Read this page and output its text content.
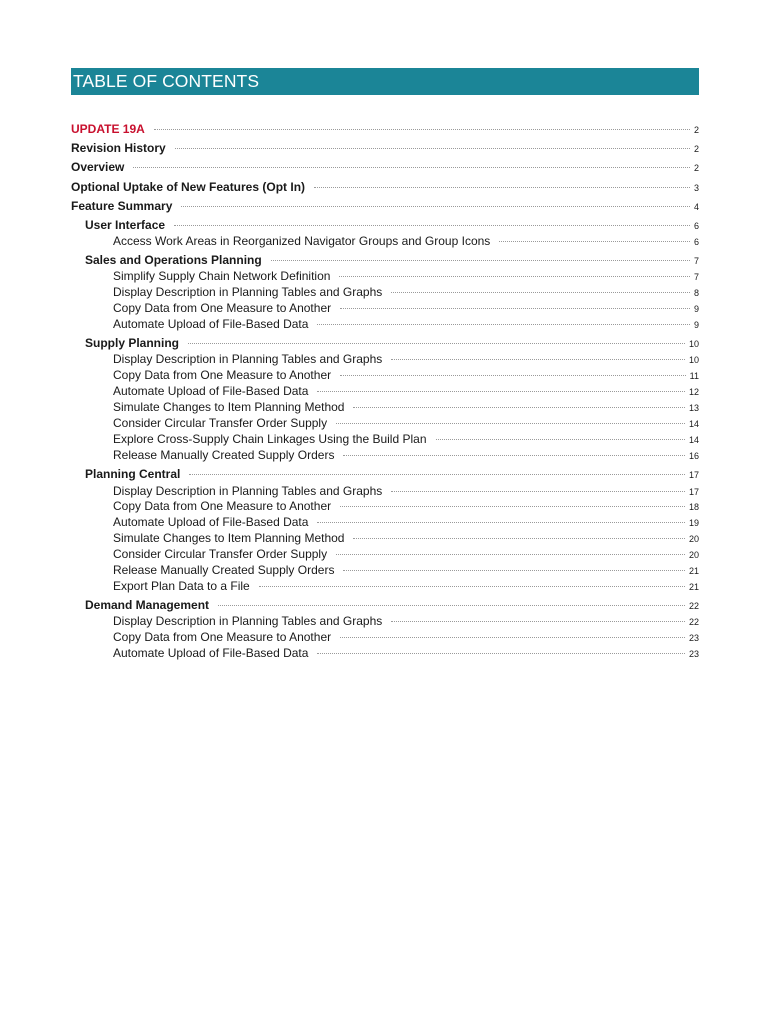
TABLE OF CONTENTS
UPDATE 19A	2
Revision History	2
Overview	2
Optional Uptake of New Features (Opt In)	3
Feature Summary	4
User Interface	6
Access Work Areas in Reorganized Navigator Groups and Group Icons	6
Sales and Operations Planning	7
Simplify Supply Chain Network Definition	7
Display Description in Planning Tables and Graphs	8
Copy Data from One Measure to Another	9
Automate Upload of File-Based Data	9
Supply Planning	10
Display Description in Planning Tables and Graphs	10
Copy Data from One Measure to Another	11
Automate Upload of File-Based Data	12
Simulate Changes to Item Planning Method	13
Consider Circular Transfer Order Supply	14
Explore Cross-Supply Chain Linkages Using the Build Plan	14
Release Manually Created Supply Orders	16
Planning Central	17
Display Description in Planning Tables and Graphs	17
Copy Data from One Measure to Another	18
Automate Upload of File-Based Data	19
Simulate Changes to Item Planning Method	20
Consider Circular Transfer Order Supply	20
Release Manually Created Supply Orders	21
Export Plan Data to a File	21
Demand Management	22
Display Description in Planning Tables and Graphs	22
Copy Data from One Measure to Another	23
Automate Upload of File-Based Data	23
